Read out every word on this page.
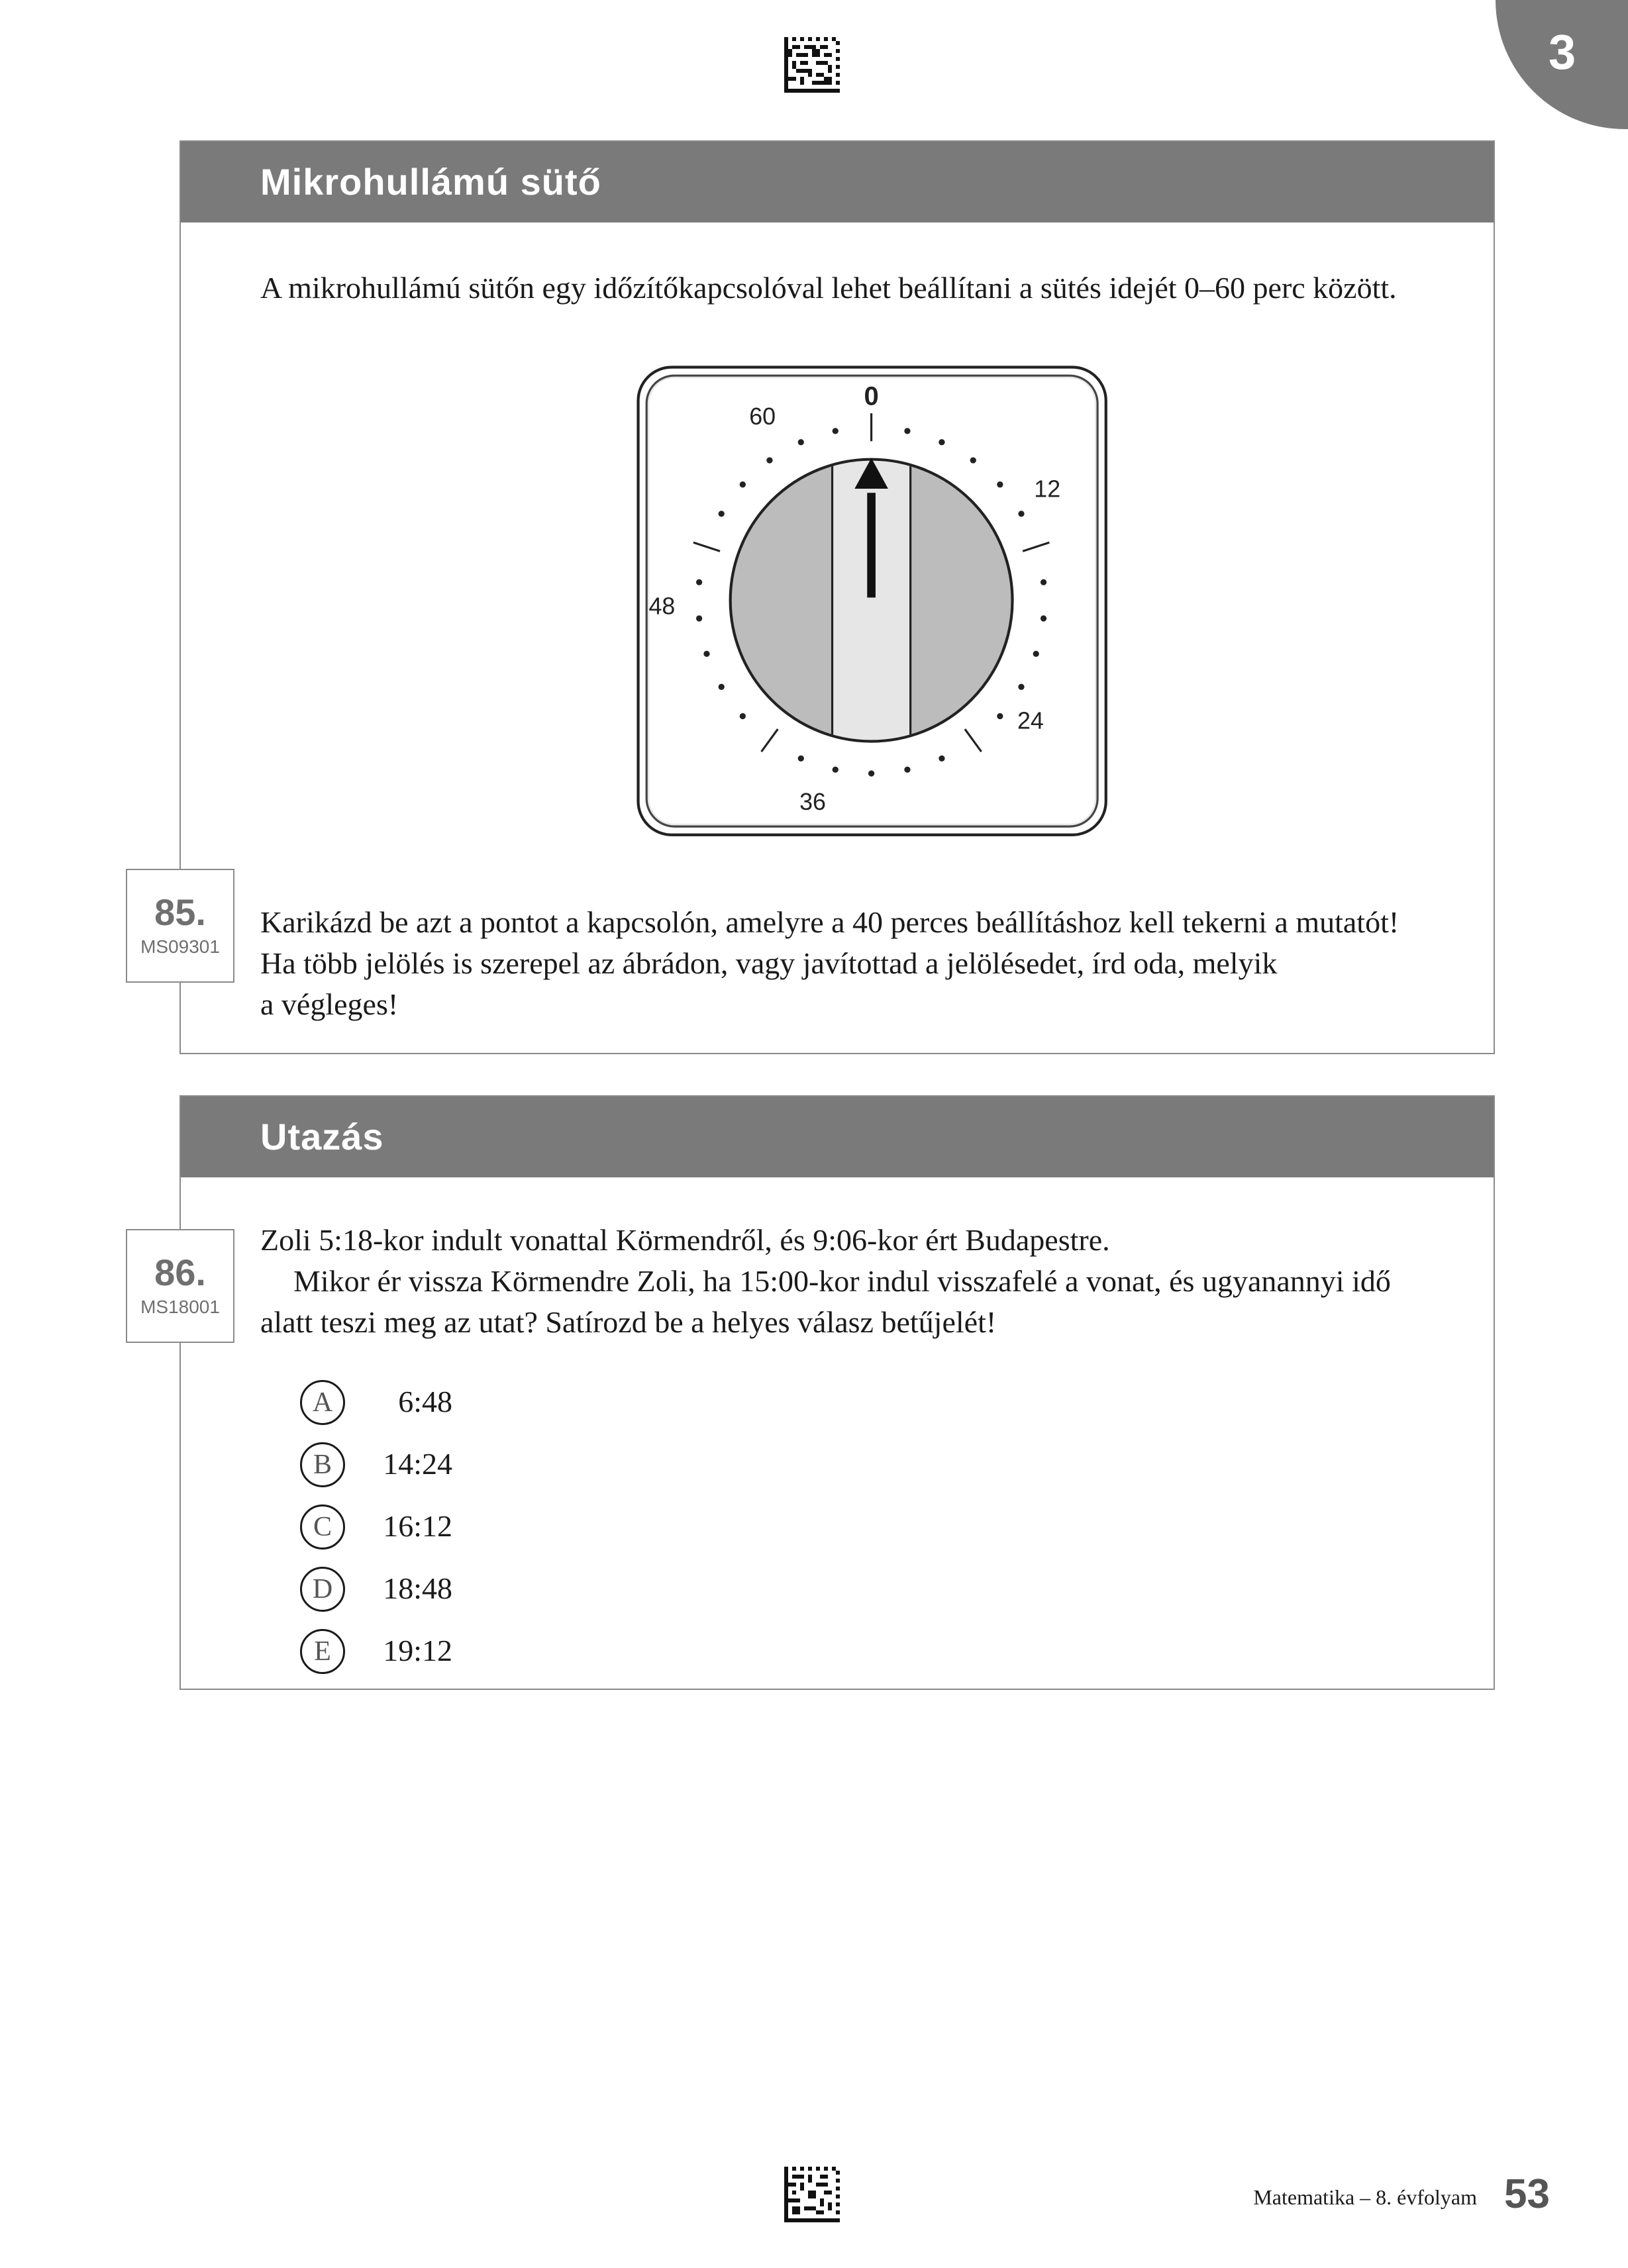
3
Mikrohullámú sütő
A mikrohullámú sütőn egy időzítőkapcsolóval lehet beállítani a sütés idejét 0–60 perc között.
0
12
24
36
48
60
85.
MS09301
Karikázd be azt a pontot a kapcsolón, amelyre a 40 perces beállításhoz kell tekerni a mutatót!
Ha több jelölés is szerepel az ábrádon, vagy javítottad a jelölésedet, írd oda, melyik
a végleges!
Utazás
86.
MS18001
Zoli 5:18-kor indult vonattal Körmendről, és 9:06-kor ért Budapestre.
Mikor ér vissza Körmendre Zoli, ha 15:00-kor indul visszafelé a vonat, és ugyanannyi idő
alatt teszi meg az utat? Satírozd be a helyes válasz betűjelét!
A	6:48
B	14:24
C	16:12
D	18:48
E	19:12
Matematika – 8. évfolyam 53
